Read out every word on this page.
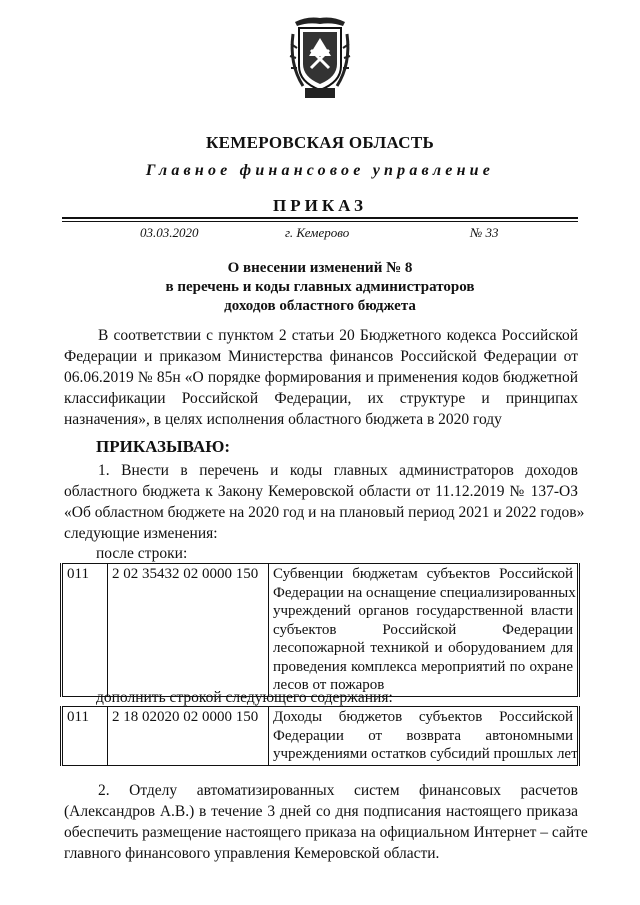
КЕМЕРОВСКАЯ ОБЛАСТЬ
Главное финансовое управление
ПРИКАЗ
03.03.2020	г. Кемерово	№ 33
О внесении изменений № 8
в перечень и коды главных администраторов
доходов областного бюджета
В соответствии с пунктом 2 статьи 20 Бюджетного кодекса Российской
Федерации и приказом Министерства финансов Российской Федерации от
06.06.2019 № 85н «О порядке формирования и применения кодов бюджетной
классификации Российской Федерации, их структуре и принципах
назначения», в целях исполнения областного бюджета в 2020 году
ПРИКАЗЫВАЮ:
1. Внести в перечень и коды главных администраторов доходов
областного бюджета к Закону Кемеровской области от 11.12.2019 № 137-ОЗ
«Об областном бюджете на 2020 год и на плановый период 2021 и 2022 годов»
следующие изменения:
после строки:
011	2 02 35432 02 0000 150	Субвенции бюджетам субъектов Российской
Федерации на оснащение специализированных
учреждений органов государственной власти
субъектов Российской Федерации
лесопожарной техникой и оборудованием для
проведения комплекса мероприятий по охране
лесов от пожаров
дополнить строкой следующего содержания:
011	2 18 02020 02 0000 150	Доходы бюджетов субъектов Российской
Федерации от возврата автономными
учреждениями остатков субсидий прошлых лет
2. Отделу автоматизированных систем финансовых расчетов
(Александров А.В.) в течение 3 дней со дня подписания настоящего приказа
обеспечить размещение настоящего приказа на официальном Интернет – сайте
главного финансового управления Кемеровской области.
